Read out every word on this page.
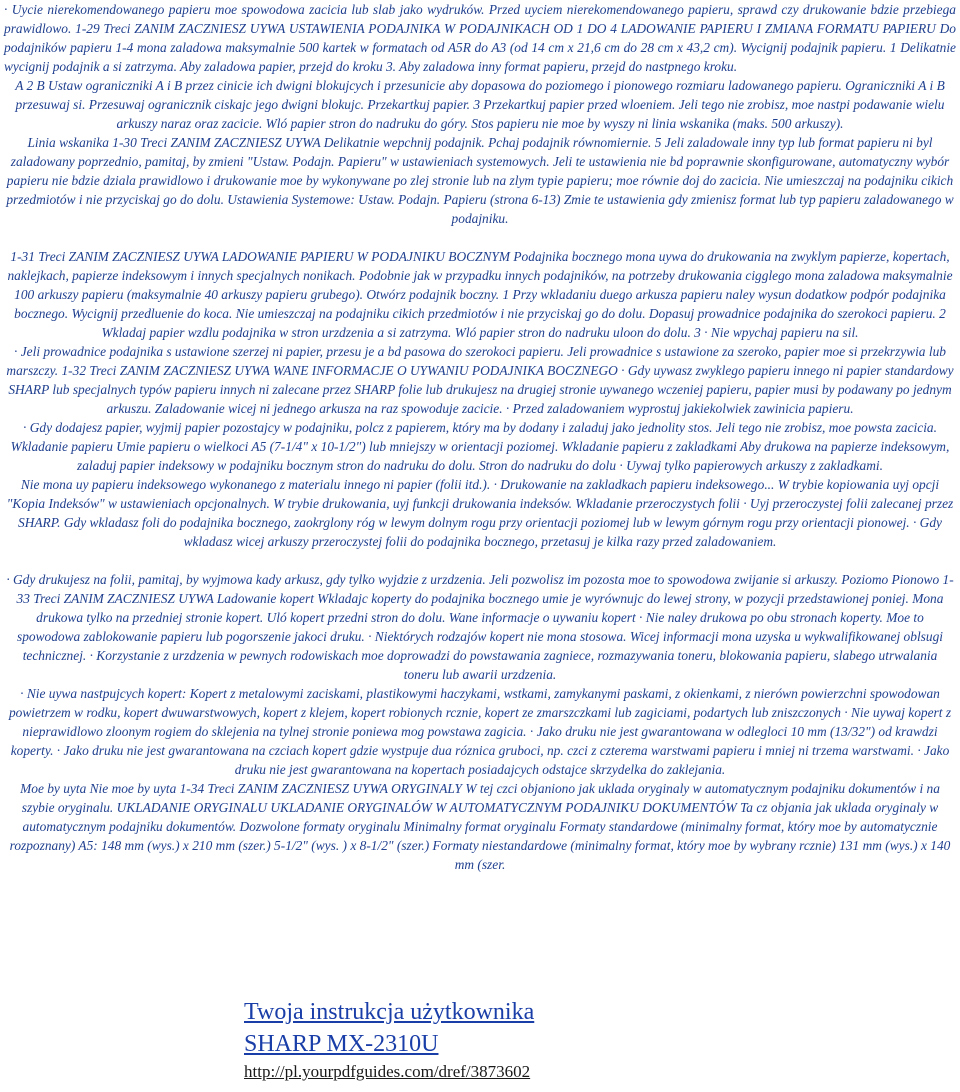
· Uycie nierekomendowanego papieru moe spowodowa zacicia lub slab jako wydruków. Przed uyciem nierekomendowanego papieru, sprawd czy drukowanie bdzie przebiega prawidlowo. 1-29 Treci ZANIM ZACZNIESZ UYWA USTAWIENIA PODAJNIKA W PODAJNIKACH OD 1 DO 4 LADOWANIE PAPIERU I ZMIANA FORMATU PAPIERU Do podajników papieru 1-4 mona zaladowa maksymalnie 500 kartek w formatach od A5R do A3 (od 14 cm x 21,6 cm do 28 cm x 43,2 cm). Wycignij podajnik papieru. 1 Delikatnie wycignij podajnik a si zatrzyma. Aby zaladowa papier, przejd do kroku 3. Aby zaladowa inny format papieru, przejd do nastpnego kroku.

A 2 B Ustaw ograniczniki A i B przez cinicie ich dwigni blokujcych i przesunicie aby dopasowa do poziomego i pionowego rozmiaru ladowanego papieru. Ograniczniki A i B przesuwaj si. Przesuwaj ogranicznik ciskajc jego dwigni blokujc. Przekartkuj papier. 3 Przekartkuj papier przed wloeniem. Jeli tego nie zrobisz, moe nastpi podawanie wielu arkuszy naraz oraz zacicie. Wló papier stron do nadruku do góry. Stos papieru nie moe by wyszy ni linia wskanika (maks. 500 arkuszy).

Linia wskanika 1-30 Treci ZANIM ZACZNIESZ UYWA Delikatnie wepchnij podajnik. Pchaj podajnik równomiernie. 5 Jeli zaladowale inny typ lub format papieru ni byl zaladowany poprzednio, pamitaj, by zmieni "Ustaw. Podajn. Papieru" w ustawieniach systemowych. Jeli te ustawienia nie bd poprawnie skonfigurowane, automatyczny wybór papieru nie bdzie dziala prawidlowo i drukowanie moe by wykonywane po zlej stronie lub na zlym typie papieru; moe równie doj do zacicia. Nie umieszczaj na podajniku cikich przedmiotów i nie przyciskaj go do dolu. Ustawienia Systemowe: Ustaw. Podajn. Papieru (strona 6-13) Zmie te ustawienia gdy zmienisz format lub typ papieru zaladowanego w podajniku.

1-31 Treci ZANIM ZACZNIESZ UYWA LADOWANIE PAPIERU W PODAJNIKU BOCZNYM Podajnika bocznego mona uywa do drukowania na zwyklym papierze, kopertach, naklejkach, papierze indeksowym i innych specjalnych nonikach. Podobnie jak w przypadku innych podajników, na potrzeby drukowania cigglego mona zaladowa maksymalnie 100 arkuszy papieru (maksymalnie 40 arkuszy papieru grubego). Otwórz podajnik boczny. 1 Przy wkladaniu duego arkusza papieru naley wysun dodatkow podpór podajnika bocznego. Wycignij przedluenie do koca. Nie umieszczaj na podajniku cikich przedmiotów i nie przyciskaj go do dolu. Dopasuj prowadnice podajnika do szerokoci papieru. 2 Wkladaj papier wzdlu podajnika w stron urzdzenia a si zatrzyma. Wló papier stron do nadruku uloon do dolu. 3 · Nie wpychaj papieru na sil.

· Jeli prowadnice podajnika s ustawione szerzej ni papier, przesu je a bd pasowa do szerokoci papieru. Jeli prowadnice s ustawione za szeroko, papier moe si przekrzywia lub marszczy. 1-32 Treci ZANIM ZACZNIESZ UYWA WANE INFORMACJE O UYWANIU PODAJNIKA BOCZNEGO · Gdy uywasz zwyklego papieru innego ni papier standardowy SHARP lub specjalnych typów papieru innych ni zalecane przez SHARP folie lub drukujesz na drugiej stronie uywanego wczeniej papieru, papier musi by podawany po jednym arkuszu. Zaladowanie wicej ni jednego arkusza na raz spowoduje zacicie. · Przed zaladowaniem wyprostuj jakiekolwiek zawinicia papieru.

· Gdy dodajesz papier, wyjmij papier pozostajcy w podajniku, polcz z papierem, który ma by dodany i zaladuj jako jednolity stos. Jeli tego nie zrobisz, moe powsta zacicia. Wkladanie papieru Umie papieru o wielkoci A5 (7-1/4" x 10-1/2") lub mniejszy w orientacji poziomej. Wkladanie papieru z zakladkami Aby drukowa na papierze indeksowym, zaladuj papier indeksowy w podajniku bocznym stron do nadruku do dolu. Stron do nadruku do dolu · Uywaj tylko papierowych arkuszy z zakladkami.

Nie mona uy papieru indeksowego wykonanego z materialu innego ni papier (folii itd.). · Drukowanie na zakladkach papieru indeksowego... W trybie kopiowania uyj opcji "Kopia Indeksów" w ustawieniach opcjonalnych. W trybie drukowania, uyj funkcji drukowania indeksów. Wkladanie przeroczystych folii · Uyj przeroczystej folii zalecanej przez SHARP. Gdy wkladasz foli do podajnika bocznego, zaokrglony róg w lewym dolnym rogu przy orientacji poziomej lub w lewym górnym rogu przy orientacji pionowej. · Gdy wkladasz wicej arkuszy przeroczystej folii do podajnika bocznego, przetasuj je kilka razy przed zaladowaniem.

· Gdy drukujesz na folii, pamitaj, by wyjmowa kady arkusz, gdy tylko wyjdzie z urzdzenia. Jeli pozwolisz im pozosta moe to spowodowa zwijanie si arkuszy. Poziomo Pionowo 1-33 Treci ZANIM ZACZNIESZ UYWA Ladowanie kopert Wkladajc koperty do podajnika bocznego umie je wyrównujc do lewej strony, w pozycji przedstawionej poniej. Mona drukowa tylko na przedniej stronie kopert. Uló kopert przedni stron do dolu. Wane informacje o uywaniu kopert · Nie naley drukowa po obu stronach koperty. Moe to spowodowa zablokowanie papieru lub pogorszenie jakoci druku. · Niektórych rodzajów kopert nie mona stosowa. Wicej informacji mona uzyska u wykwalifikowanej oblsugi technicznej. · Korzystanie z urzdzenia w pewnych rodowiskach moe doprowadzi do powstawania zagniece, rozmazywania toneru, blokowania papieru, slabego utrwalania toneru lub awarii urzdzenia.

· Nie uywa nastpujcych kopert: Kopert z metalowymi zaciskami, plastikowymi haczykami, wstkami, zamykanymi paskami, z okienkami, z nierówn powierzchni spowodowan powietrzem w rodku, kopert dwuwarstwowych, kopert z klejem, kopert robionych rcznie, kopert ze zmarszczkami lub zagiciami, podartych lub zniszczonych · Nie uywaj kopert z nieprawidlowo zloonym rogiem do sklejenia na tylnej stronie poniewa mog powstawa zagicia. · Jako druku nie jest gwarantowana w odlegloci 10 mm (13/32") od krawdzi koperty. · Jako druku nie jest gwarantowana na czciach kopert gdzie wystpuje dua róznica gruboci, np. czci z czterema warstwami papieru i mniej ni trzema warstwami. · Jako druku nie jest gwarantowana na kopertach posiadajcych odstajce skrzydelka do zaklejania.

Moe by uyta Nie moe by uyta 1-34 Treci ZANIM ZACZNIESZ UYWA ORYGINALY W tej czci objaniono jak uklada oryginaly w automatycznym podajniku dokumentów i na szybie oryginalu. UKLADANIE ORYGINALU UKLADANIE ORYGINALÓW W AUTOMATYCZNYM PODAJNIKU DOKUMENTÓW Ta cz objania jak uklada oryginaly w automatycznym podajniku dokumentów. Dozwolone formaty oryginalu Minimalny format oryginalu Formaty standardowe (minimalny format, który moe by automatycznie rozpoznany) A5: 148 mm (wys.) x 210 mm (szer.) 5-1/2" (wys. ) x 8-1/2" (szer.) Formaty niestandardowe (minimalny format, który moe by wybrany rcznie) 131 mm (wys.) x 140 mm (szer.

Twoja instrukcja użytkownika
SHARP MX-2310U
http://pl.yourpdfguides.com/dref/3873602
